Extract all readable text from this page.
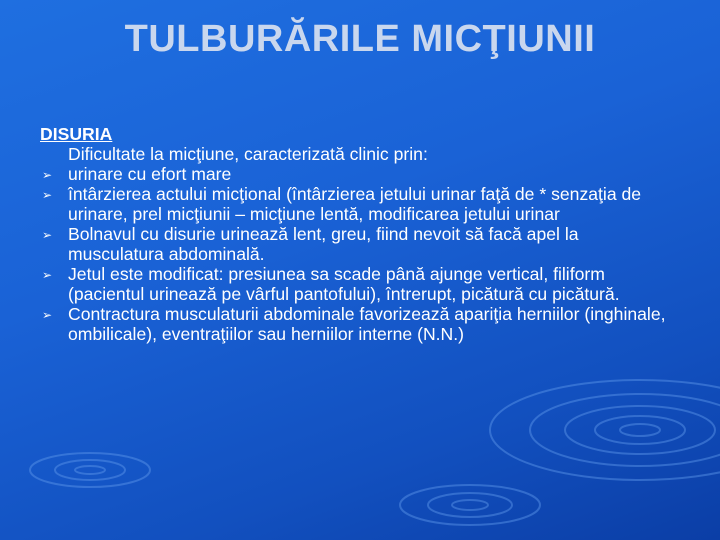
TULBURĂRILE MICŢIUNII

DISURIA

Dificultate la micţiune, caracterizată clinic prin:

➢ urinare cu efort mare
➢ întârzierea actului micţional (întârzierea jetului urinar faţă de * senzaţia de urinare, prel micţiunii – micţiune lentă, modificarea jetului urinar
➢ Bolnavul cu disurie urinează lent, greu, fiind nevoit să facă apel la musculatura abdominală.
➢ Jetul este modificat: presiunea sa scade până ajunge vertical, filiform (pacientul urinează pe vârful pantofului), întrerupt, picătură cu picătură.
➢ Contractura musculaturii abdominale favorizează apariţia herniilor (inghinale, ombilicale), eventraţiilor sau herniilor interne (N.N.)
